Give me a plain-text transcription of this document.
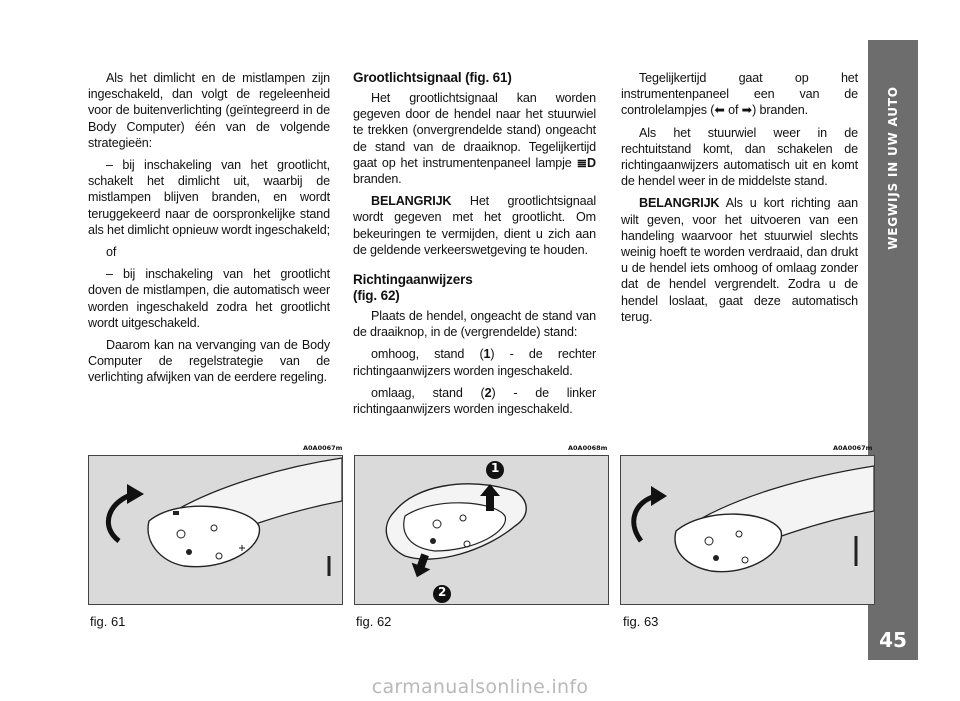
WEGWIJS IN UW AUTO
45

Als het dimlicht en de mistlampen zijn ingeschakeld, dan volgt de regeleenheid voor de buitenverlichting (geïntegreerd in de Body Computer) één van de volgende strategieën:

– bij inschakeling van het grootlicht, schakelt het dimlicht uit, waarbij de mistlampen blijven branden, en wordt teruggekeerd naar de oorspronkelijke stand als het dimlicht opnieuw wordt ingeschakeld;

of

– bij inschakeling van het grootlicht doven de mistlampen, die automatisch weer worden ingeschakeld zodra het grootlicht wordt uitgeschakeld.

Daarom kan na vervanging van de Body Computer de regelstrategie van de verlichting afwijken van de eerdere regeling.

Grootlichtsignaal (fig. 61)

Het grootlichtsignaal kan worden gegeven door de hendel naar het stuurwiel te trekken (onvergrendelde stand) ongeacht de stand van de draaiknop. Tegelijkertijd gaat op het instrumentenpaneel lampje ≣D branden.

BELANGRIJK Het grootlichtsignaal wordt gegeven met het grootlicht. Om bekeuringen te vermijden, dient u zich aan de geldende verkeerswetgeving te houden.

Richtingaanwijzers
(fig. 62)

Plaats de hendel, ongeacht de stand van de draaiknop, in de (vergrendelde) stand:

omhoog, stand (1) - de rechter richtingaanwijzers worden ingeschakeld.

omlaag, stand (2) - de linker richtingaanwijzers worden ingeschakeld.

Tegelijkertijd gaat op het instrumentenpaneel een van de controlelampjes (⬅ of ➡) branden.

Als het stuurwiel weer in de rechtuitstand komt, dan schakelen de richtingaanwijzers automatisch uit en komt de hendel weer in de middelste stand.

BELANGRIJK Als u kort richting aan wilt geven, voor het uitvoeren van een handeling waarvoor het stuurwiel slechts weinig hoeft te worden verdraaid, dan drukt u de hendel iets omhoog of omlaag zonder dat de hendel vergrendelt. Zodra u de hendel loslaat, gaat deze automatisch terug.

A0A0067m	A0A0068m	A0A0067m
fig. 61
1
2
fig. 62	fig. 63
carmanualsonline.info
